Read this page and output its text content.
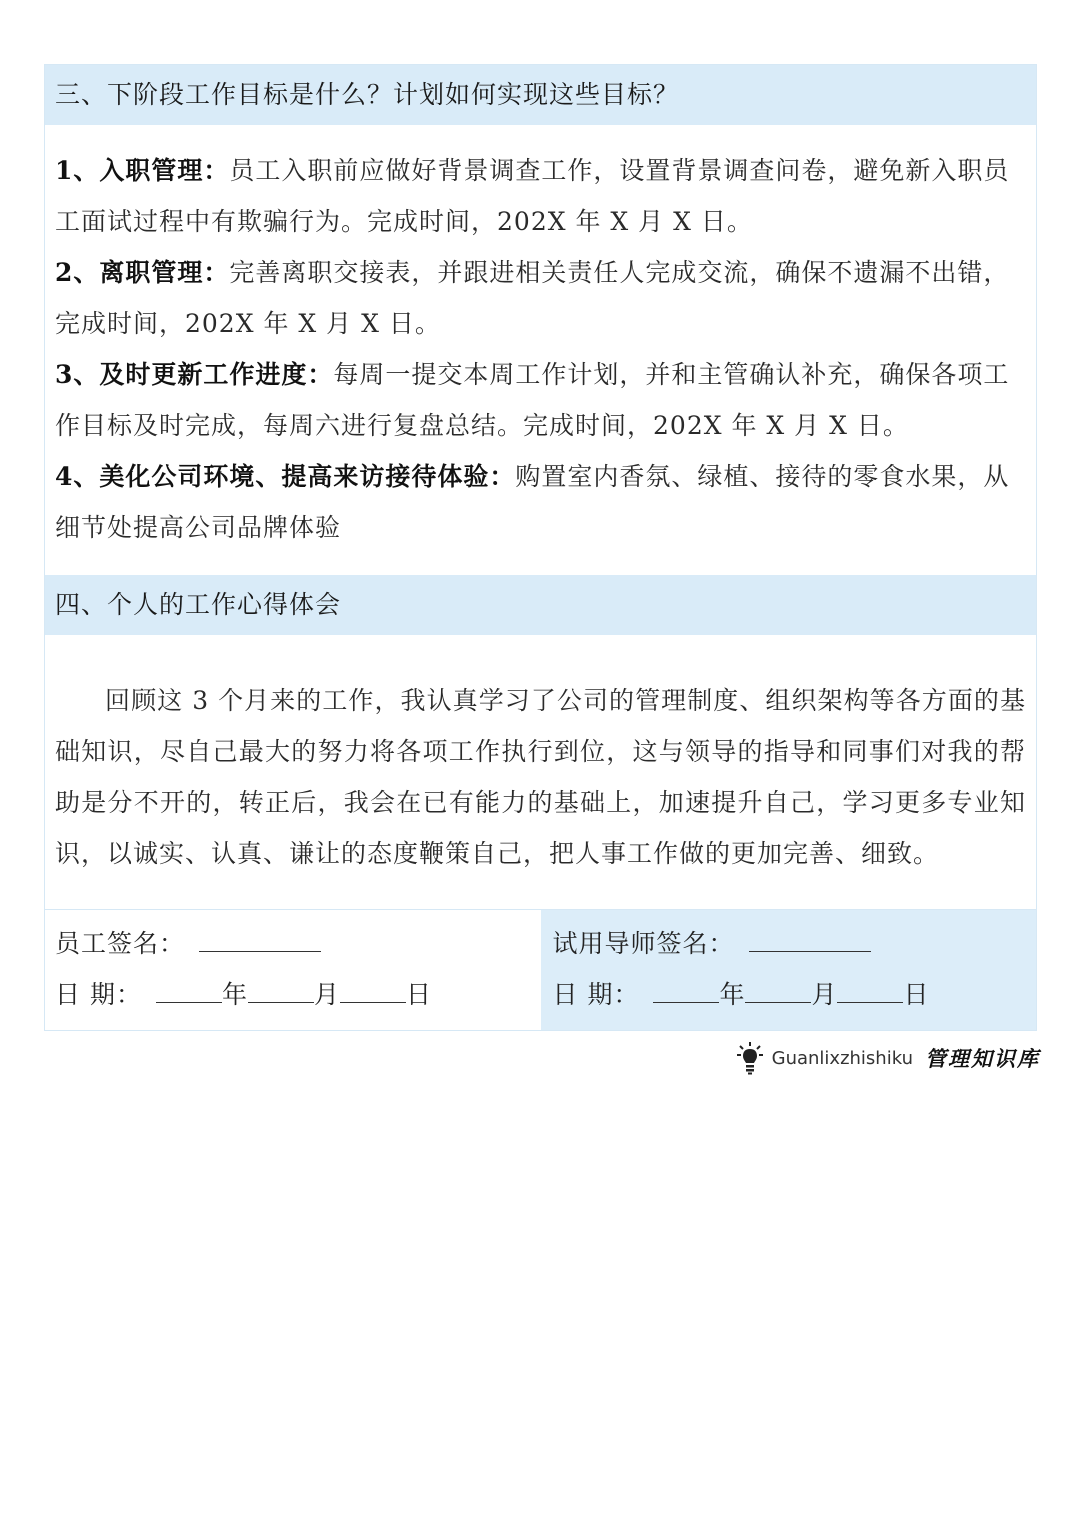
三、下阶段工作目标是什么？计划如何实现这些目标？
1、入职管理：员工入职前应做好背景调查工作，设置背景调查问卷，避免新入职员工面试过程中有欺骗行为。完成时间，202X 年 X 月 X 日。
2、离职管理：完善离职交接表，并跟进相关责任人完成交流，确保不遗漏不出错，完成时间，202X 年 X 月 X 日。
3、及时更新工作进度：每周一提交本周工作计划，并和主管确认补充，确保各项工作目标及时完成，每周六进行复盘总结。完成时间，202X 年 X 月 X 日。
4、美化公司环境、提高来访接待体验：购置室内香氛、绿植、接待的零食水果，从细节处提高公司品牌体验
四、个人的工作心得体会
回顾这 3 个月来的工作，我认真学习了公司的管理制度、组织架构等各方面的基础知识，尽自己最大的努力将各项工作执行到位，这与领导的指导和同事们对我的帮助是分不开的，转正后，我会在已有能力的基础上，加速提升自己，学习更多专业知识，以诚实、认真、谦让的态度鞭策自己，把人事工作做的更加完善、细致。
员工签名：
日 期：	年	月	日
试用导师签名：
日 期：	年	月	日
Guanlixzhishiku 管理知识库
